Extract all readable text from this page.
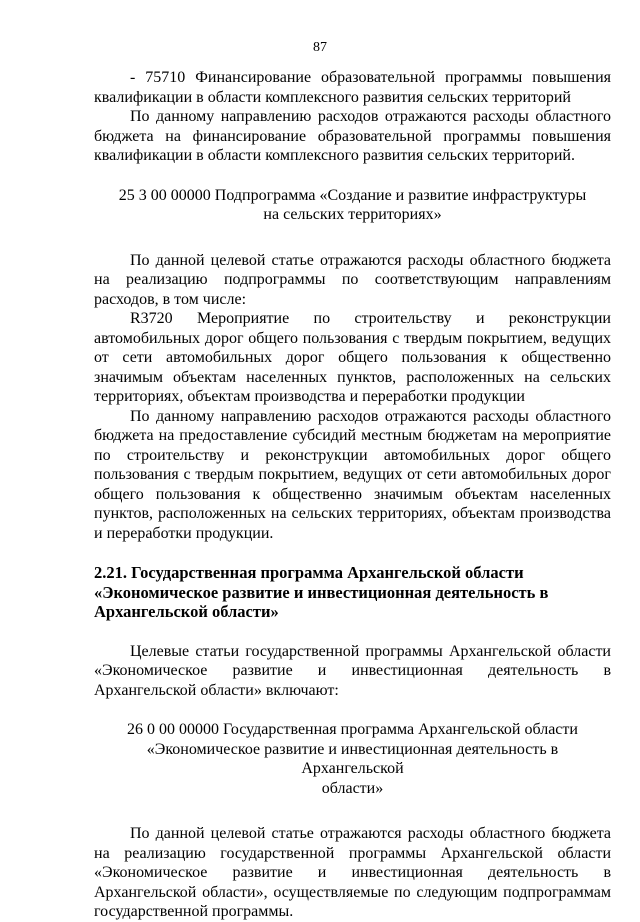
87

- 75710 Финансирование образовательной программы повышения квалификации в области комплексного развития сельских территорий

По данному направлению расходов отражаются расходы областного бюджета на финансирование образовательной программы повышения квалификации в области комплексного развития сельских территорий.

25 3 00 00000 Подпрограмма «Создание и развитие инфраструктуры

на сельских территориях»

По данной целевой статье отражаются расходы областного бюджета на реализацию подпрограммы по соответствующим направлениям расходов, в том числе:

R3720 Мероприятие по строительству и реконструкции

автомобильных дорог общего пользования с твердым покрытием, ведущих от сети автомобильных дорог общего пользования к общественно значимым объектам населенных пунктов, расположенных на сельских территориях, объектам производства и переработки продукции

По данному направлению расходов отражаются расходы областного бюджета на предоставление субсидий местным бюджетам на мероприятие по строительству и реконструкции автомобильных дорог общего пользования с твердым покрытием, ведущих от сети автомобильных дорог общего пользования к общественно значимым объектам населенных пунктов, расположенных на сельских территориях, объектам производства и переработки продукции.

2.21. Государственная программа Архангельской области

«Экономическое развитие и инвестиционная деятельность в

Архангельской области»

Целевые статьи государственной программы Архангельской области «Экономическое развитие и инвестиционная деятельность в Архангельской области» включают:

26 0 00 00000 Государственная программа Архангельской области

«Экономическое развитие и инвестиционная деятельность в Архангельской

области»

По данной целевой статье отражаются расходы областного бюджета на реализацию государственной программы Архангельской области «Экономическое развитие и инвестиционная деятельность в Архангельской области», осуществляемые по следующим подпрограммам государственной программы.
